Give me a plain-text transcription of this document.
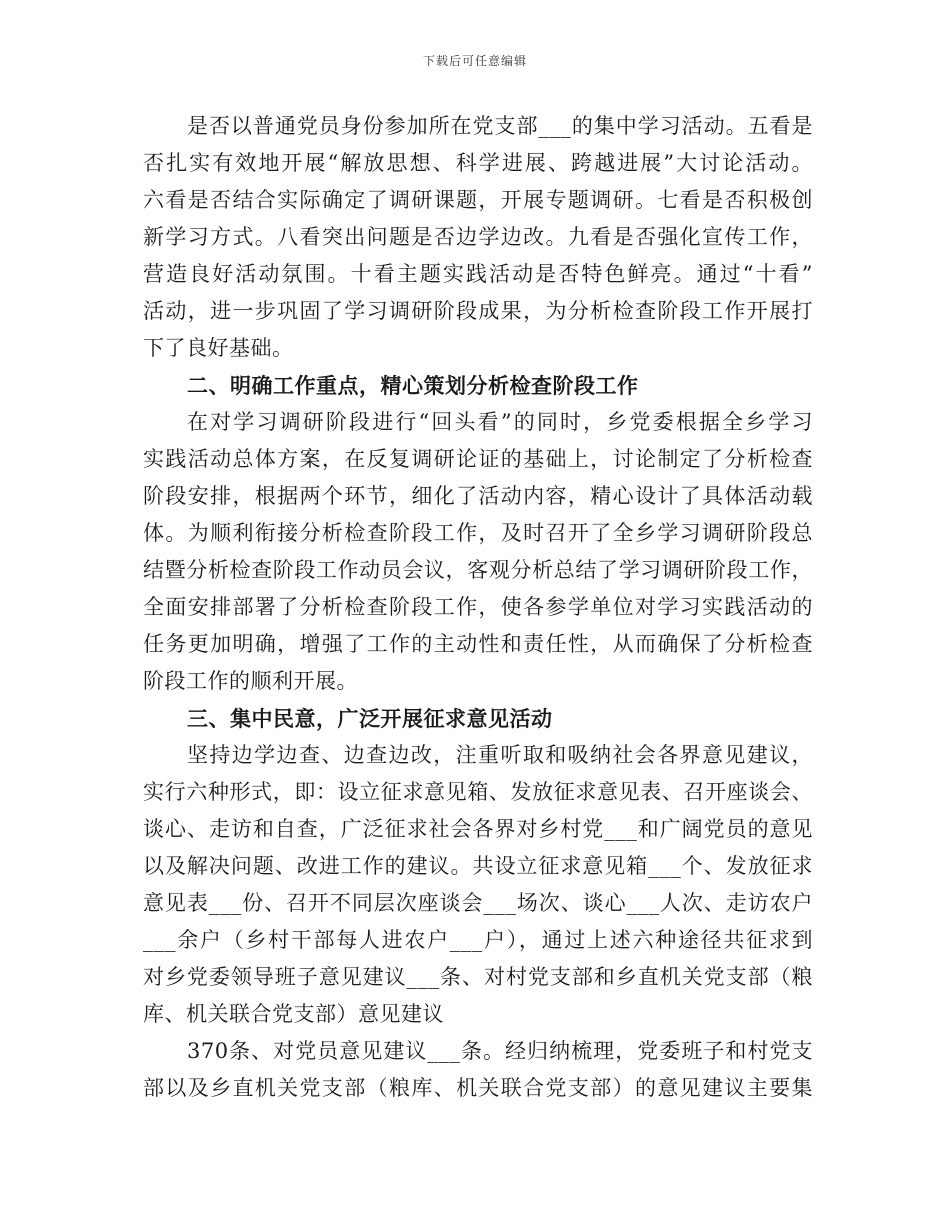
下载后可任意编辑
是否以普通党员身份参加所在党支部___的集中学习活动。五看是
否扎实有效地开展“解放思想、科学进展、跨越进展”大讨论活动。
六看是否结合实际确定了调研课题，开展专题调研。七看是否积极创
新学习方式。八看突出问题是否边学边改。九看是否强化宣传工作，
营造良好活动氛围。十看主题实践活动是否特色鲜亮。通过“十看”
活动，进一步巩固了学习调研阶段成果，为分析检查阶段工作开展打
下了良好基础。
二、明确工作重点，精心策划分析检查阶段工作
在对学习调研阶段进行“回头看”的同时，乡党委根据全乡学习
实践活动总体方案，在反复调研论证的基础上，讨论制定了分析检查
阶段安排，根据两个环节，细化了活动内容，精心设计了具体活动载
体。为顺利衔接分析检查阶段工作，及时召开了全乡学习调研阶段总
结暨分析检查阶段工作动员会议，客观分析总结了学习调研阶段工作，
全面安排部署了分析检查阶段工作，使各参学单位对学习实践活动的
任务更加明确，增强了工作的主动性和责任性，从而确保了分析检查
阶段工作的顺利开展。
三、集中民意，广泛开展征求意见活动
坚持边学边查、边查边改，注重听取和吸纳社会各界意见建议，
实行六种形式，即：设立征求意见箱、发放征求意见表、召开座谈会、
谈心、走访和自查，广泛征求社会各界对乡村党___和广阔党员的意见
以及解决问题、改进工作的建议。共设立征求意见箱___个、发放征求
意见表___份、召开不同层次座谈会___场次、谈心___人次、走访农户
___余户（乡村干部每人进农户___户），通过上述六种途径共征求到
对乡党委领导班子意见建议___条、对村党支部和乡直机关党支部（粮
库、机关联合党支部）意见建议
370条、对党员意见建议___条。经归纳梳理，党委班子和村党支
部以及乡直机关党支部（粮库、机关联合党支部）的意见建议主要集
